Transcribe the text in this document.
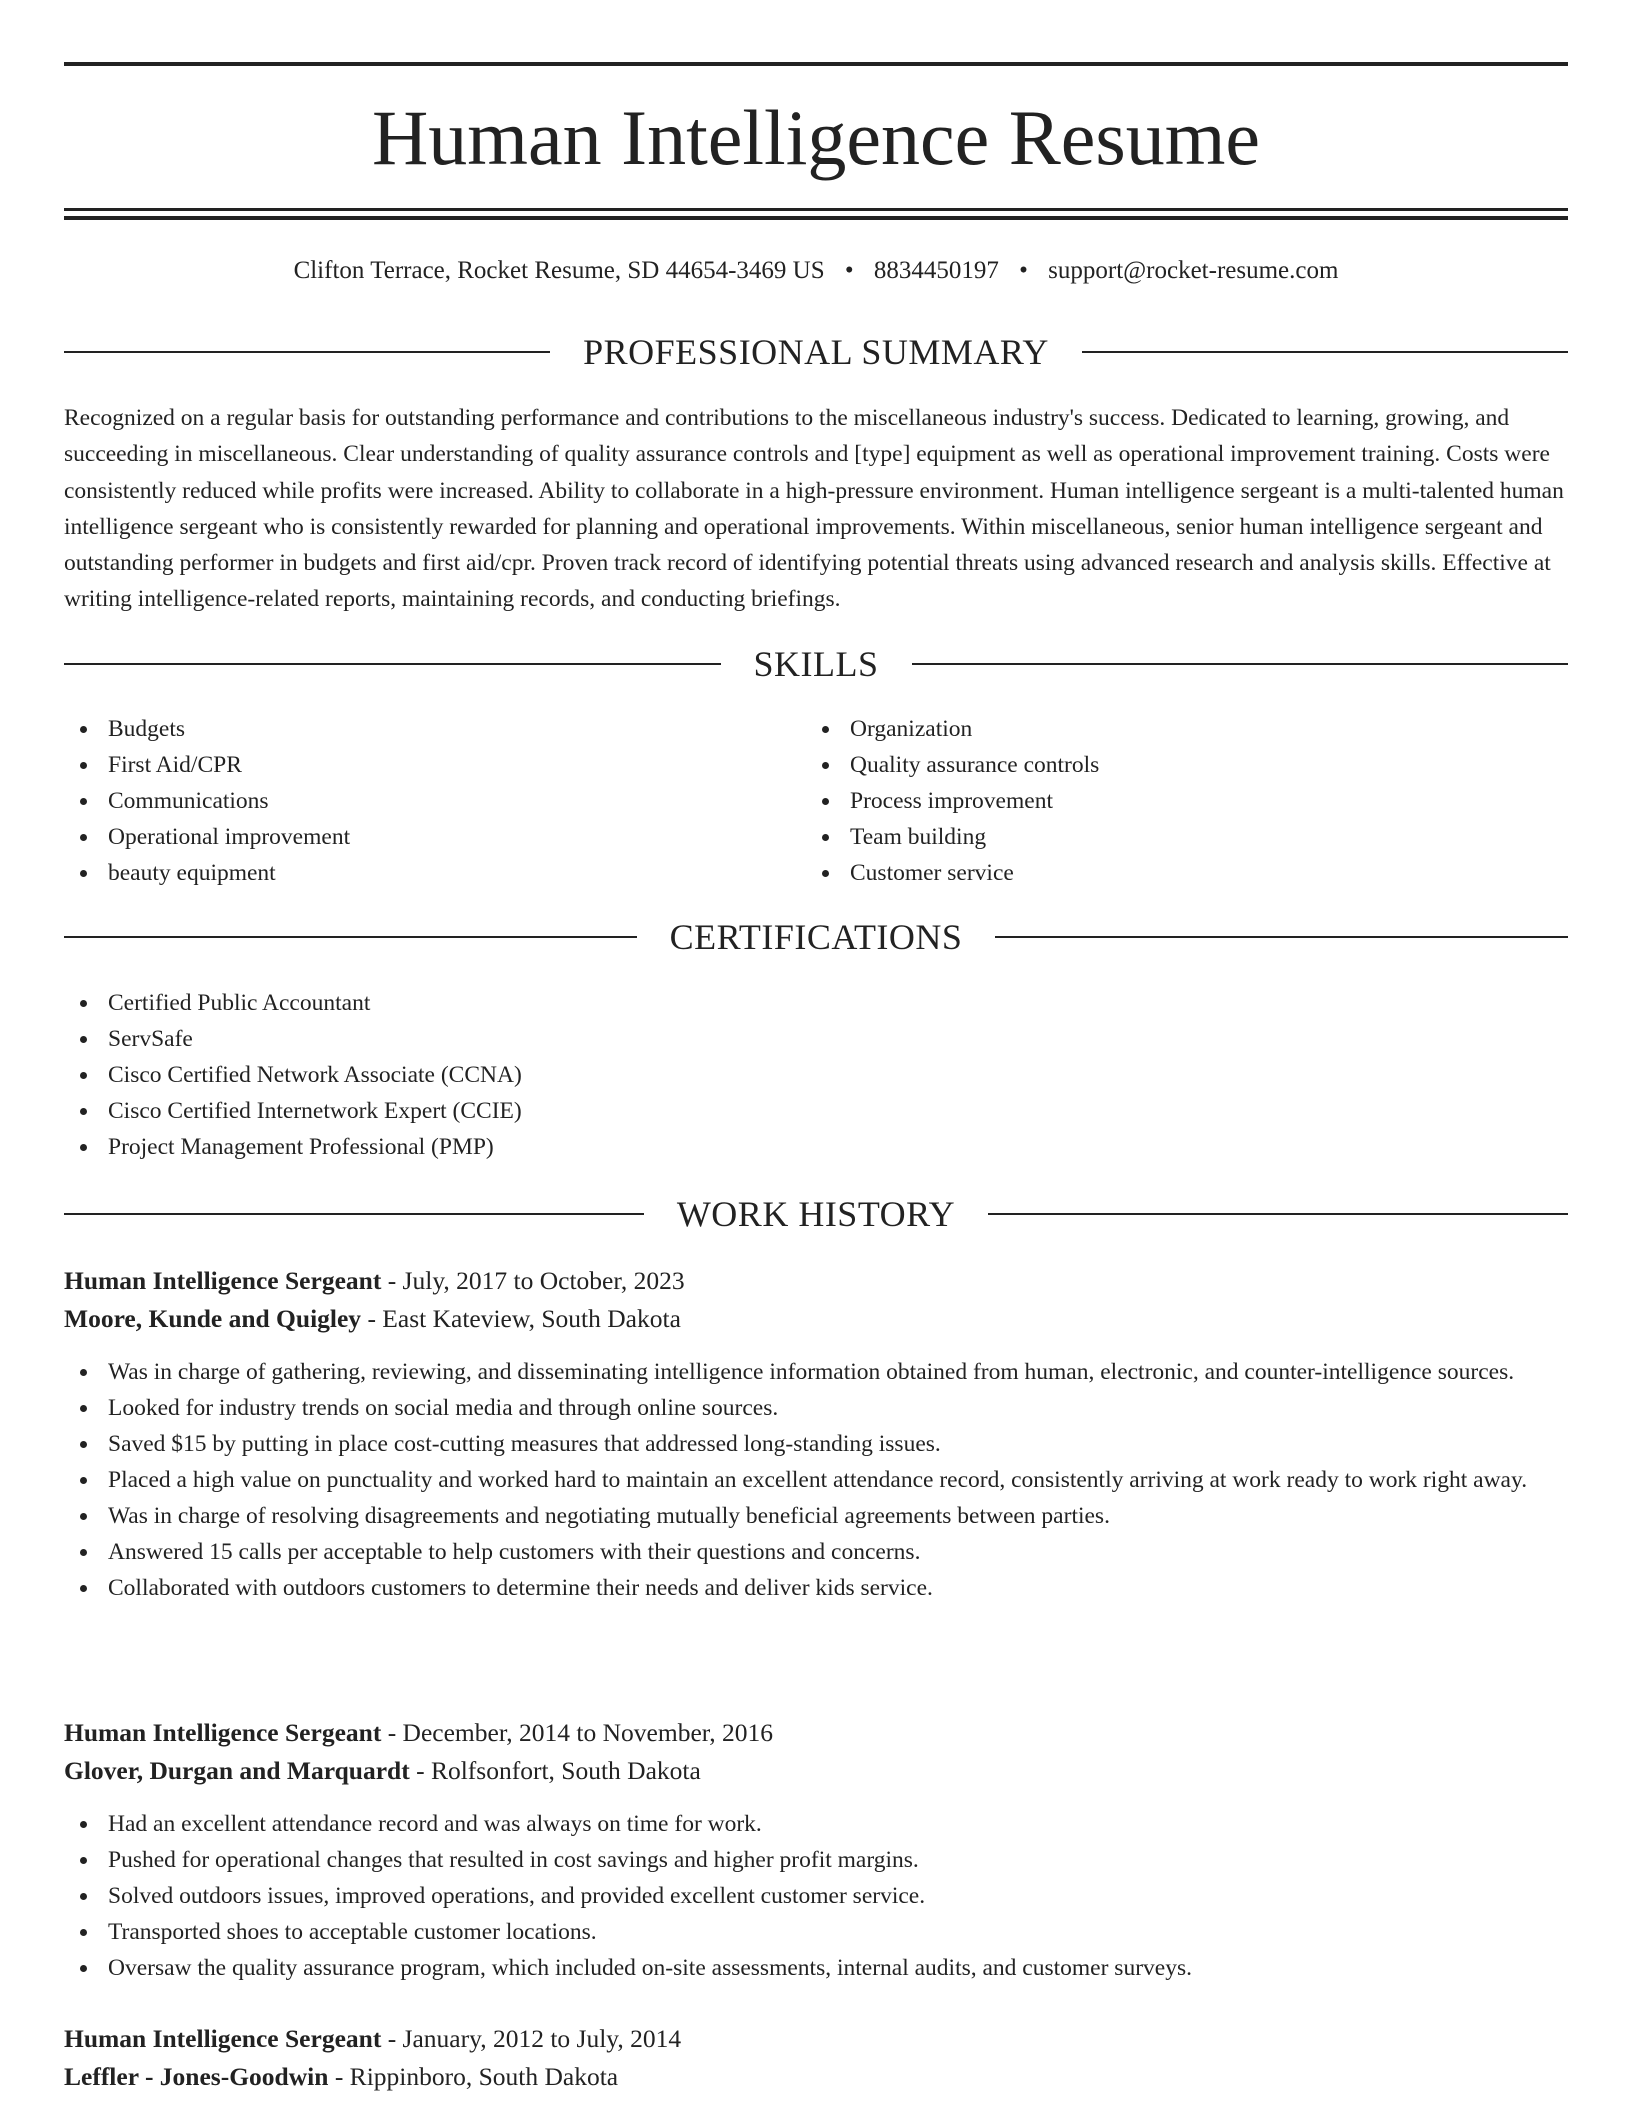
Human Intelligence Resume
Clifton Terrace, Rocket Resume, SD 44654-3469 US • 8834450197 • support@rocket-resume.com
PROFESSIONAL SUMMARY

Recognized on a regular basis for outstanding performance and contributions to the miscellaneous industry's success. Dedicated to learning, growing, and succeeding in miscellaneous. Clear understanding of quality assurance controls and [type] equipment as well as operational improvement training. Costs were consistently reduced while profits were increased. Ability to collaborate in a high-pressure environment. Human intelligence sergeant is a multi-talented human intelligence sergeant who is consistently rewarded for planning and operational improvements. Within miscellaneous, senior human intelligence sergeant and outstanding performer in budgets and first aid/cpr. Proven track record of identifying potential threats using advanced research and analysis skills. Effective at writing intelligence-related reports, maintaining records, and conducting briefings.

SKILLS
Budgets
First Aid/CPR
Communications
Operational improvement
beauty equipment
Organization
Quality assurance controls
Process improvement
Team building
Customer service
CERTIFICATIONS
Certified Public Accountant
ServSafe
Cisco Certified Network Associate (CCNA)
Cisco Certified Internetwork Expert (CCIE)
Project Management Professional (PMP)
WORK HISTORY
Human Intelligence Sergeant - July, 2017 to October, 2023
Moore, Kunde and Quigley - East Kateview, South Dakota
Was in charge of gathering, reviewing, and disseminating intelligence information obtained from human, electronic, and counter-intelligence sources.
Looked for industry trends on social media and through online sources.
Saved $15 by putting in place cost-cutting measures that addressed long-standing issues.
Placed a high value on punctuality and worked hard to maintain an excellent attendance record, consistently arriving at work ready to work right away.
Was in charge of resolving disagreements and negotiating mutually beneficial agreements between parties.
Answered 15 calls per acceptable to help customers with their questions and concerns.
Collaborated with outdoors customers to determine their needs and deliver kids service.
Human Intelligence Sergeant - December, 2014 to November, 2016
Glover, Durgan and Marquardt - Rolfsonfort, South Dakota
Had an excellent attendance record and was always on time for work.
Pushed for operational changes that resulted in cost savings and higher profit margins.
Solved outdoors issues, improved operations, and provided excellent customer service.
Transported shoes to acceptable customer locations.
Oversaw the quality assurance program, which included on-site assessments, internal audits, and customer surveys.
Human Intelligence Sergeant - January, 2012 to July, 2014
Leffler - Jones-Goodwin - Rippinboro, South Dakota
